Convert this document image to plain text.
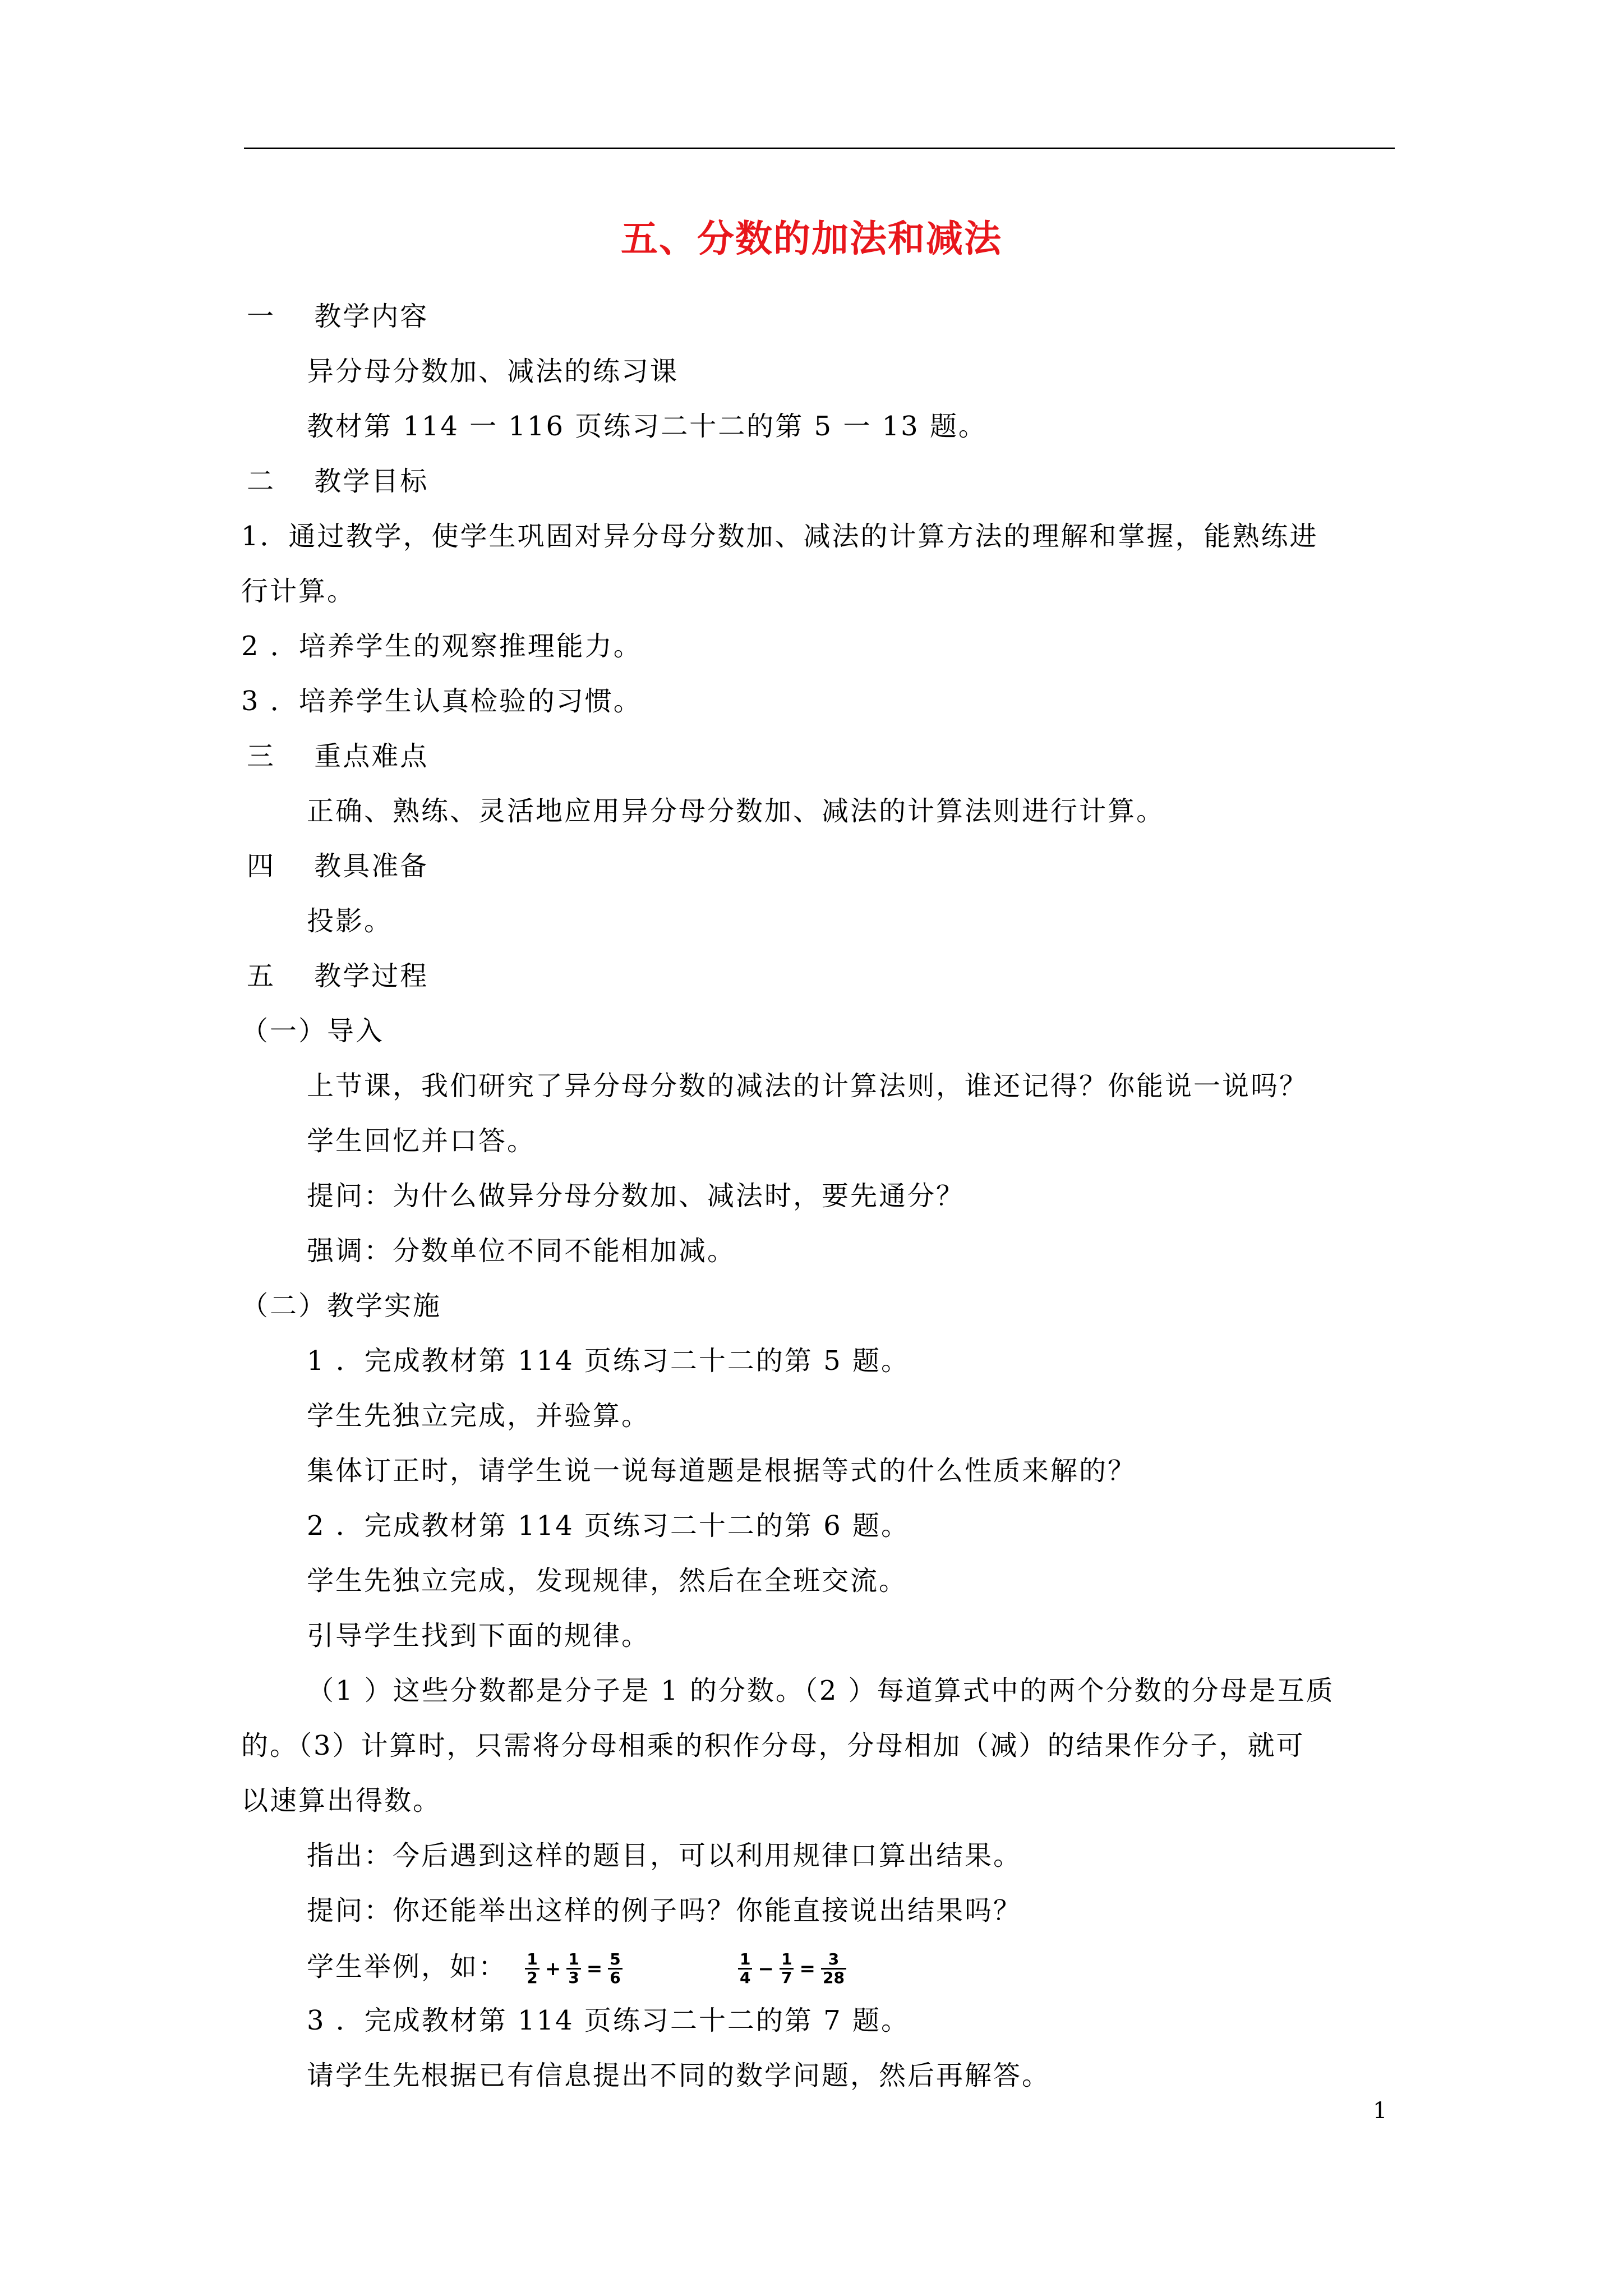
五、分数的加法和减法
一　 教学内容
异分母分数加、减法的练习课
教材第 114 一 116 页练习二十二的第 5 一 13 题。
二　 教学目标
1．通过教学，使学生巩固对异分母分数加、减法的计算方法的理解和掌握，能熟练进
行计算。
2 ．培养学生的观察推理能力。
3 ．培养学生认真检验的习惯。
三　 重点难点
正确、熟练、灵活地应用异分母分数加、减法的计算法则进行计算。
四　 教具准备
投影。
五　 教学过程
（一）导入
上节课，我们研究了异分母分数的减法的计算法则，谁还记得？你能说一说吗？
学生回忆并口答。
提问：为什么做异分母分数加、减法时，要先通分？
强调：分数单位不同不能相加减。
（二）教学实施
1 ．完成教材第 114 页练习二十二的第 5 题。
学生先独立完成，并验算。
集体订正时，请学生说一说每道题是根据等式的什么性质来解的？
2 ．完成教材第 114 页练习二十二的第 6 题。
学生先独立完成，发现规律，然后在全班交流。
引导学生找到下面的规律。
（1 ）这些分数都是分子是 1 的分数。（2 ）每道算式中的两个分数的分母是互质
的。（3）计算时，只需将分母相乘的积作分母，分母相加（减）的结果作分子，就可
以速算出得数。
指出：今后遇到这样的题目，可以利用规律口算出结果。
提问：你还能举出这样的例子吗？你能直接说出结果吗？
学生举例，如： $\frac{1}{2} + \frac{1}{3} = \frac{5}{6}$
	$\frac{1}{4} - \frac{1}{7} = \frac{3}{28}$
3 ．完成教材第 114 页练习二十二的第 7 题。
请学生先根据已有信息提出不同的数学问题，然后再解答。
1
